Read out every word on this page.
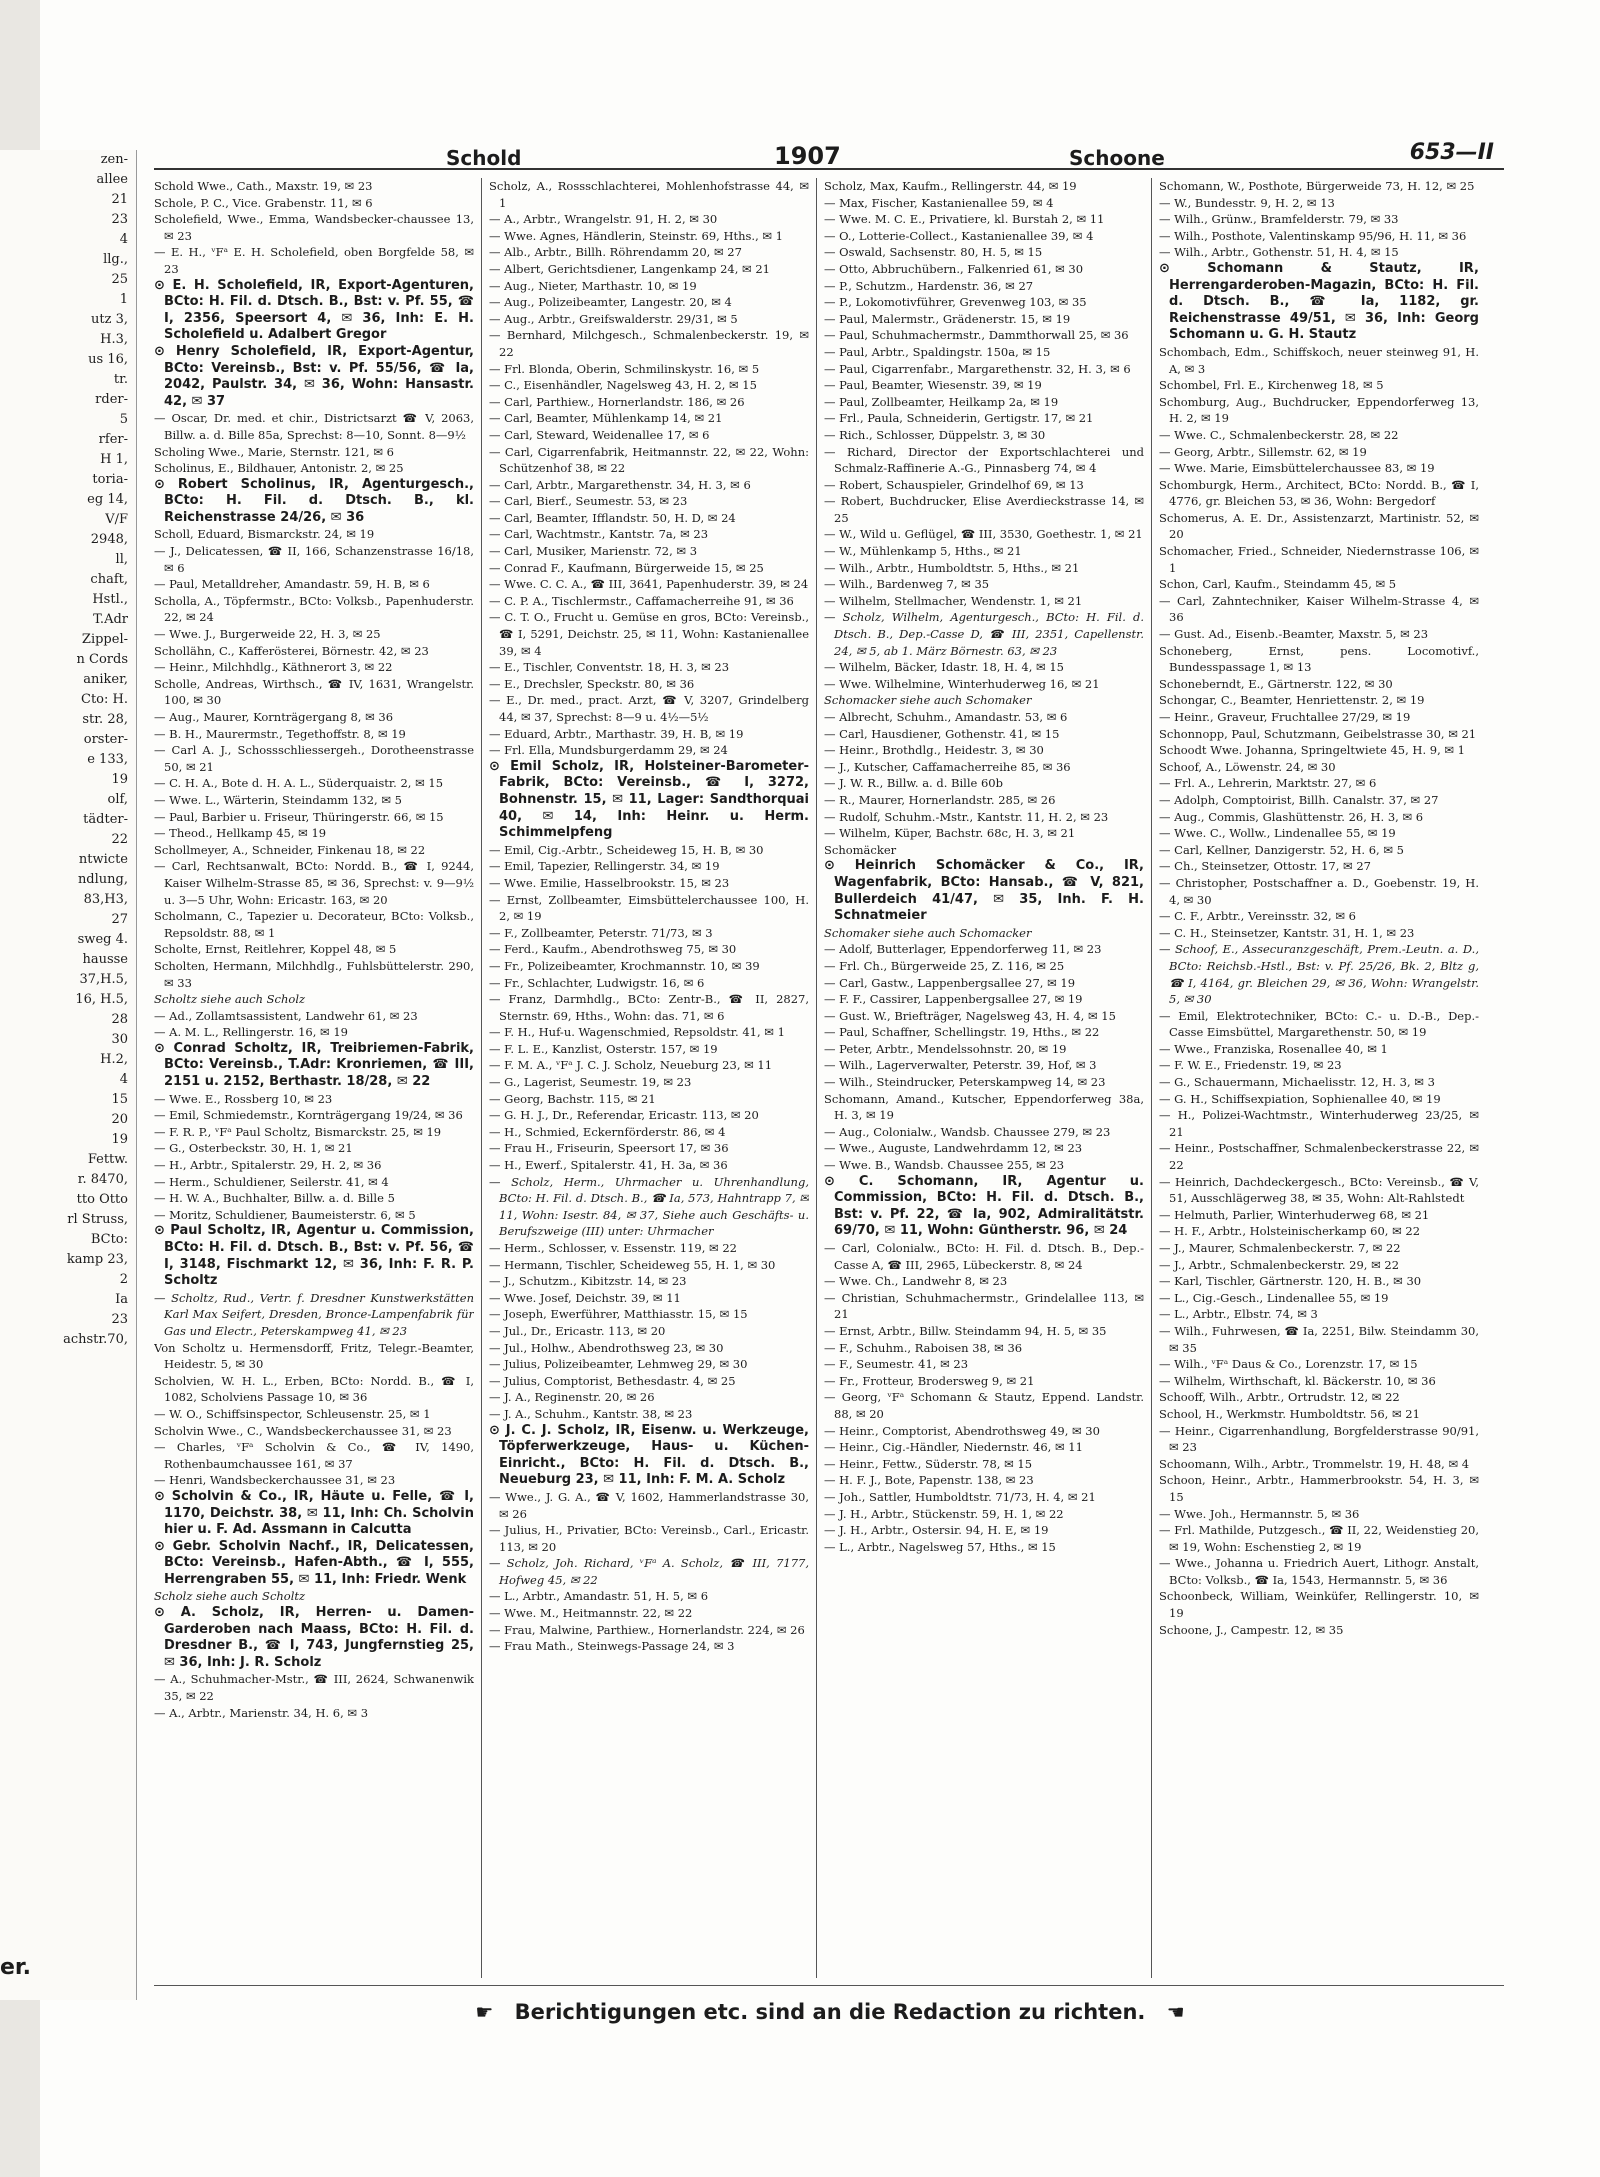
zen-
allee
21
23
4
llg.,
25
1
utz 3,
H.3,
us 16,
tr.
rder-
5
rfer-
H 1,
toria-
eg 14,
V/F
2948,
ll,
chaft,
Hstl.,
T.Adr
Zippel-
n Cords
aniker,
Cto: H.
str. 28,
orster-
e 133,
19
olf,
tädter-
22
ntwicte
ndlung,
83,H3,
27
sweg 4.
hausse
37,H.5,
16, H.5,
28
30
H.2,
4
15
20
19
Fettw.
r. 8470,
tto Otto
rl Struss,
BCto:
kamp 23,
2
Ia
23
achstr.70,
er.
Schold	1907	Schoone	653—II

Schold Wwe., Cath., Maxstr. 19, ✉ 23

Schole, P. C., Vice. Grabenstr. 11, ✉ 6

Scholefield, Wwe., Emma, Wandsbecker-chaussee 13, ✉ 23

— E. H., ᵛFᵃ E. H. Scholefield, oben Borgfelde 58, ✉ 23

⊙ E. H. Scholefield, IR, Export-Agenturen, BCto: H. Fil. d. Dtsch. B., Bst: v. Pf. 55, ☎ I, 2356, Speersort 4, ✉ 36, Inh: E. H. Scholefield u. Adalbert Gregor

⊙ Henry Scholefield, IR, Export-Agentur, BCto: Vereinsb., Bst: v. Pf. 55/56, ☎ Ia, 2042, Paulstr. 34, ✉ 36, Wohn: Hansastr. 42, ✉ 37

— Oscar, Dr. med. et chir., Districtsarzt ☎ V, 2063, Billw. a. d. Bille 85a, Sprechst: 8—10, Sonnt. 8—9½

Scholing Wwe., Marie, Sternstr. 121, ✉ 6

Scholinus, E., Bildhauer, Antonistr. 2, ✉ 25

⊙ Robert Scholinus, IR, Agenturgesch., BCto: H. Fil. d. Dtsch. B., kl. Reichenstrasse 24/26, ✉ 36

Scholl, Eduard, Bismarckstr. 24, ✉ 19

— J., Delicatessen, ☎ II, 166, Schanzenstrasse 16/18, ✉ 6

— Paul, Metalldreher, Amandastr. 59, H. B, ✉ 6

Scholla, A., Töpfermstr., BCto: Volksb., Papenhuderstr. 22, ✉ 24

— Wwe. J., Burgerweide 22, H. 3, ✉ 25

Schollähn, C., Kafferösterei, Börnestr. 42, ✉ 23

— Heinr., Milchhdlg., Käthnerort 3, ✉ 22

Scholle, Andreas, Wirthsch., ☎ IV, 1631, Wrangelstr. 100, ✉ 30

— Aug., Maurer, Kornträgergang 8, ✉ 36

— B. H., Maurermstr., Tegethoffstr. 8, ✉ 19

— Carl A. J., Schossschliessergeh., Dorotheenstrasse 50, ✉ 21

— C. H. A., Bote d. H. A. L., Süderquaistr. 2, ✉ 15

— Wwe. L., Wärterin, Steindamm 132, ✉ 5

— Paul, Barbier u. Friseur, Thüringerstr. 66, ✉ 15

— Theod., Hellkamp 45, ✉ 19

Schollmeyer, A., Schneider, Finkenau 18, ✉ 22

— Carl, Rechtsanwalt, BCto: Nordd. B., ☎ I, 9244, Kaiser Wilhelm-Strasse 85, ✉ 36, Sprechst: v. 9—9½ u. 3—5 Uhr, Wohn: Ericastr. 163, ✉ 20

Scholmann, C., Tapezier u. Decorateur, BCto: Volksb., Repsoldstr. 88, ✉ 1

Scholte, Ernst, Reitlehrer, Koppel 48, ✉ 5

Scholten, Hermann, Milchhdlg., Fuhlsbüttelerstr. 290, ✉ 33

Scholtz siehe auch Scholz

— Ad., Zollamtsassistent, Landwehr 61, ✉ 23

— A. M. L., Rellingerstr. 16, ✉ 19

⊙ Conrad Scholtz, IR, Treibriemen-Fabrik, BCto: Vereinsb., T.Adr: Kronriemen, ☎ III, 2151 u. 2152, Berthastr. 18/28, ✉ 22

— Wwe. E., Rossberg 10, ✉ 23

— Emil, Schmiedemstr., Kornträgergang 19/24, ✉ 36

— F. R. P., ᵛFᵃ Paul Scholtz, Bismarckstr. 25, ✉ 19

— G., Osterbeckstr. 30, H. 1, ✉ 21

— H., Arbtr., Spitalerstr. 29, H. 2, ✉ 36

— Herm., Schuldiener, Seilerstr. 41, ✉ 4

— H. W. A., Buchhalter, Billw. a. d. Bille 5

— Moritz, Schuldiener, Baumeisterstr. 6, ✉ 5

⊙ Paul Scholtz, IR, Agentur u. Commission, BCto: H. Fil. d. Dtsch. B., Bst: v. Pf. 56, ☎ I, 3148, Fischmarkt 12, ✉ 36, Inh: F. R. P. Scholtz

— Scholtz, Rud., Vertr. f. Dresdner Kunstwerkstätten Karl Max Seifert, Dresden, Bronce-Lampenfabrik für Gas und Electr., Peterskampweg 41, ✉ 23

Von Scholtz u. Hermensdorff, Fritz, Telegr.-Beamter, Heidestr. 5, ✉ 30

Scholvien, W. H. L., Erben, BCto: Nordd. B., ☎ I, 1082, Scholviens Passage 10, ✉ 36

— W. O., Schiffsinspector, Schleusenstr. 25, ✉ 1

Scholvin Wwe., C., Wandsbeckerchaussee 31, ✉ 23

— Charles, ᵛFᵃ Scholvin & Co., ☎ IV, 1490, Rothenbaumchaussee 161, ✉ 37

— Henri, Wandsbeckerchaussee 31, ✉ 23

⊙ Scholvin & Co., IR, Häute u. Felle, ☎ I, 1170, Deichstr. 38, ✉ 11, Inh: Ch. Scholvin hier u. F. Ad. Assmann in Calcutta

⊙ Gebr. Scholvin Nachf., IR, Delicatessen, BCto: Vereinsb., Hafen-Abth., ☎ I, 555, Herrengraben 55, ✉ 11, Inh: Friedr. Wenk

Scholz siehe auch Scholtz

⊙ A. Scholz, IR, Herren- u. Damen-Garderoben nach Maass, BCto: H. Fil. d. Dresdner B., ☎ I, 743, Jungfernstieg 25, ✉ 36, Inh: J. R. Scholz

— A., Schuhmacher-Mstr., ☎ III, 2624, Schwanenwik 35, ✉ 22

— A., Arbtr., Marienstr. 34, H. 6, ✉ 3

Scholz, A., Rossschlachterei, Mohlenhofstrasse 44, ✉ 1

— A., Arbtr., Wrangelstr. 91, H. 2, ✉ 30

— Wwe. Agnes, Händlerin, Steinstr. 69, Hths., ✉ 1

— Alb., Arbtr., Billh. Röhrendamm 20, ✉ 27

— Albert, Gerichtsdiener, Langenkamp 24, ✉ 21

— Aug., Nieter, Marthastr. 10, ✉ 19

— Aug., Polizeibeamter, Langestr. 20, ✉ 4

— Aug., Arbtr., Greifswalderstr. 29/31, ✉ 5

— Bernhard, Milchgesch., Schmalenbeckerstr. 19, ✉ 22

— Frl. Blonda, Oberin, Schmilinskystr. 16, ✉ 5

— C., Eisenhändler, Nagelsweg 43, H. 2, ✉ 15

— Carl, Parthiew., Hornerlandstr. 186, ✉ 26

— Carl, Beamter, Mühlenkamp 14, ✉ 21

— Carl, Steward, Weidenallee 17, ✉ 6

— Carl, Cigarrenfabrik, Heitmannstr. 22, ✉ 22, Wohn: Schützenhof 38, ✉ 22

— Carl, Arbtr., Margarethenstr. 34, H. 3, ✉ 6

— Carl, Bierf., Seumestr. 53, ✉ 23

— Carl, Beamter, Ifflandstr. 50, H. D, ✉ 24

— Carl, Wachtmstr., Kantstr. 7a, ✉ 23

— Carl, Musiker, Marienstr. 72, ✉ 3

— Conrad F., Kaufmann, Bürgerweide 15, ✉ 25

— Wwe. C. C. A., ☎ III, 3641, Papenhuderstr. 39, ✉ 24

— C. P. A., Tischlermstr., Caffamacherreihe 91, ✉ 36

— C. T. O., Frucht u. Gemüse en gros, BCto: Vereinsb., ☎ I, 5291, Deichstr. 25, ✉ 11, Wohn: Kastanienallee 39, ✉ 4

— E., Tischler, Conventstr. 18, H. 3, ✉ 23

— E., Drechsler, Speckstr. 80, ✉ 36

— E., Dr. med., pract. Arzt, ☎ V, 3207, Grindelberg 44, ✉ 37, Sprechst: 8—9 u. 4½—5½

— Eduard, Arbtr., Marthastr. 39, H. B, ✉ 19

— Frl. Ella, Mundsburgerdamm 29, ✉ 24

⊙ Emil Scholz, IR, Holsteiner-Barometer-Fabrik, BCto: Vereinsb., ☎ I, 3272, Bohnenstr. 15, ✉ 11, Lager: Sandthorquai 40, ✉ 14, Inh: Heinr. u. Herm. Schimmelpfeng

— Emil, Cig.-Arbtr., Scheideweg 15, H. B, ✉ 30

— Emil, Tapezier, Rellingerstr. 34, ✉ 19

— Wwe. Emilie, Hasselbrookstr. 15, ✉ 23

— Ernst, Zollbeamter, Eimsbüttelerchaussee 100, H. 2, ✉ 19

— F., Zollbeamter, Peterstr. 71/73, ✉ 3

— Ferd., Kaufm., Abendrothsweg 75, ✉ 30

— Fr., Polizeibeamter, Krochmannstr. 10, ✉ 39

— Fr., Schlachter, Ludwigstr. 16, ✉ 6

— Franz, Darmhdlg., BCto: Zentr-B., ☎ II, 2827, Sternstr. 69, Hths., Wohn: das. 71, ✉ 6

— F. H., Huf-u. Wagenschmied, Repsoldstr. 41, ✉ 1

— F. L. E., Kanzlist, Osterstr. 157, ✉ 19

— F. M. A., ᵛFᵃ J. C. J. Scholz, Neueburg 23, ✉ 11

— G., Lagerist, Seumestr. 19, ✉ 23

— Georg, Bachstr. 115, ✉ 21

— G. H. J., Dr., Referendar, Ericastr. 113, ✉ 20

— H., Schmied, Eckernförderstr. 86, ✉ 4

— Frau H., Friseurin, Speersort 17, ✉ 36

— H., Ewerf., Spitalerstr. 41, H. 3a, ✉ 36

— Scholz, Herm., Uhrmacher u. Uhrenhandlung, BCto: H. Fil. d. Dtsch. B., ☎ Ia, 573, Hahntrapp 7, ✉ 11, Wohn: Isestr. 84, ✉ 37, Siehe auch Geschäfts- u. Berufszweige (III) unter: Uhrmacher

— Herm., Schlosser, v. Essenstr. 119, ✉ 22

— Hermann, Tischler, Scheideweg 55, H. 1, ✉ 30

— J., Schutzm., Kibitzstr. 14, ✉ 23

— Wwe. Josef, Deichstr. 39, ✉ 11

— Joseph, Ewerführer, Matthiasstr. 15, ✉ 15

— Jul., Dr., Ericastr. 113, ✉ 20

— Jul., Holhw., Abendrothsweg 23, ✉ 30

— Julius, Polizeibeamter, Lehmweg 29, ✉ 30

— Julius, Comptorist, Bethesdastr. 4, ✉ 25

— J. A., Reginenstr. 20, ✉ 26

— J. A., Schuhm., Kantstr. 38, ✉ 23

⊙ J. C. J. Scholz, IR, Eisenw. u. Werkzeuge, Töpferwerkzeuge, Haus- u. Küchen-Einricht., BCto: H. Fil. d. Dtsch. B., Neueburg 23, ✉ 11, Inh: F. M. A. Scholz

— Wwe., J. G. A., ☎ V, 1602, Hammerlandstrasse 30, ✉ 26

— Julius, H., Privatier, BCto: Vereinsb., Carl., Ericastr. 113, ✉ 20

— Scholz, Joh. Richard, ᵛFᵃ A. Scholz, ☎ III, 7177, Hofweg 45, ✉ 22

— L., Arbtr., Amandastr. 51, H. 5, ✉ 6

— Wwe. M., Heitmannstr. 22, ✉ 22

— Frau, Malwine, Parthiew., Hornerlandstr. 224, ✉ 26

— Frau Math., Steinwegs-Passage 24, ✉ 3

Scholz, Max, Kaufm., Rellingerstr. 44, ✉ 19

— Max, Fischer, Kastanienallee 59, ✉ 4

— Wwe. M. C. E., Privatiere, kl. Burstah 2, ✉ 11

— O., Lotterie-Collect., Kastanienallee 39, ✉ 4

— Oswald, Sachsenstr. 80, H. 5, ✉ 15

— Otto, Abbruchübern., Falkenried 61, ✉ 30

— P., Schutzm., Hardenstr. 36, ✉ 27

— P., Lokomotivführer, Grevenweg 103, ✉ 35

— Paul, Malermstr., Grädenerstr. 15, ✉ 19

— Paul, Schuhmachermstr., Dammthorwall 25, ✉ 36

— Paul, Arbtr., Spaldingstr. 150a, ✉ 15

— Paul, Cigarrenfabr., Margarethenstr. 32, H. 3, ✉ 6

— Paul, Beamter, Wiesenstr. 39, ✉ 19

— Paul, Zollbeamter, Heilkamp 2a, ✉ 19

— Frl., Paula, Schneiderin, Gertigstr. 17, ✉ 21

— Rich., Schlosser, Düppelstr. 3, ✉ 30

— Richard, Director der Exportschlachterei und Schmalz-Raffinerie A.-G., Pinnasberg 74, ✉ 4

— Robert, Schauspieler, Grindelhof 69, ✉ 13

— Robert, Buchdrucker, Elise Averdieckstrasse 14, ✉ 25

— W., Wild u. Geflügel, ☎ III, 3530, Goethestr. 1, ✉ 21

— W., Mühlenkamp 5, Hths., ✉ 21

— Wilh., Arbtr., Humboldtstr. 5, Hths., ✉ 21

— Wilh., Bardenweg 7, ✉ 35

— Wilhelm, Stellmacher, Wendenstr. 1, ✉ 21

— Scholz, Wilhelm, Agenturgesch., BCto: H. Fil. d. Dtsch. B., Dep.-Casse D, ☎ III, 2351, Capellenstr. 24, ✉ 5, ab 1. März Börnestr. 63, ✉ 23

— Wilhelm, Bäcker, Idastr. 18, H. 4, ✉ 15

— Wwe. Wilhelmine, Winterhuderweg 16, ✉ 21

Schomacker siehe auch Schomaker

— Albrecht, Schuhm., Amandastr. 53, ✉ 6

— Carl, Hausdiener, Gothenstr. 41, ✉ 15

— Heinr., Brothdlg., Heidestr. 3, ✉ 30

— J., Kutscher, Caffamacherreihe 85, ✉ 36

— J. W. R., Billw. a. d. Bille 60b

— R., Maurer, Hornerlandstr. 285, ✉ 26

— Rudolf, Schuhm.-Mstr., Kantstr. 11, H. 2, ✉ 23

— Wilhelm, Küper, Bachstr. 68c, H. 3, ✉ 21

Schomäcker

⊙ Heinrich Schomäcker & Co., IR, Wagenfabrik, BCto: Hansab., ☎ V, 821, Bullerdeich 41/47, ✉ 35, Inh. F. H. Schnatmeier

Schomaker siehe auch Schomacker

— Adolf, Butterlager, Eppendorferweg 11, ✉ 23

— Frl. Ch., Bürgerweide 25, Z. 116, ✉ 25

— Carl, Gastw., Lappenbergsallee 27, ✉ 19

— F. F., Cassirer, Lappenbergsallee 27, ✉ 19

— Gust. W., Briefträger, Nagelsweg 43, H. 4, ✉ 15

— Paul, Schaffner, Schellingstr. 19, Hths., ✉ 22

— Peter, Arbtr., Mendelssohnstr. 20, ✉ 19

— Wilh., Lagerverwalter, Peterstr. 39, Hof, ✉ 3

— Wilh., Steindrucker, Peterskampweg 14, ✉ 23

Schomann, Amand., Kutscher, Eppendorferweg 38a, H. 3, ✉ 19

— Aug., Colonialw., Wandsb. Chaussee 279, ✉ 23

— Wwe., Auguste, Landwehrdamm 12, ✉ 23

— Wwe. B., Wandsb. Chaussee 255, ✉ 23

⊙ C. Schomann, IR, Agentur u. Commission, BCto: H. Fil. d. Dtsch. B., Bst: v. Pf. 22, ☎ Ia, 902, Admiralitätstr. 69/70, ✉ 11, Wohn: Güntherstr. 96, ✉ 24

— Carl, Colonialw., BCto: H. Fil. d. Dtsch. B., Dep.-Casse A, ☎ III, 2965, Lübeckerstr. 8, ✉ 24

— Wwe. Ch., Landwehr 8, ✉ 23

— Christian, Schuhmachermstr., Grindelallee 113, ✉ 21

— Ernst, Arbtr., Billw. Steindamm 94, H. 5, ✉ 35

— F., Schuhm., Raboisen 38, ✉ 36

— F., Seumestr. 41, ✉ 23

— Fr., Frotteur, Brodersweg 9, ✉ 21

— Georg, ᵛFᵃ Schomann & Stautz, Eppend. Landstr. 88, ✉ 20

— Heinr., Comptorist, Abendrothsweg 49, ✉ 30

— Heinr., Cig.-Händler, Niedernstr. 46, ✉ 11

— Heinr., Fettw., Süderstr. 78, ✉ 15

— H. F. J., Bote, Papenstr. 138, ✉ 23

— Joh., Sattler, Humboldtstr. 71/73, H. 4, ✉ 21

— J. H., Arbtr., Stückenstr. 59, H. 1, ✉ 22

— J. H., Arbtr., Ostersir. 94, H. E, ✉ 19

— L., Arbtr., Nagelsweg 57, Hths., ✉ 15

Schomann, W., Posthote, Bürgerweide 73, H. 12, ✉ 25

— W., Bundesstr. 9, H. 2, ✉ 13

— Wilh., Grünw., Bramfelderstr. 79, ✉ 33

— Wilh., Posthote, Valentinskamp 95/96, H. 11, ✉ 36

— Wilh., Arbtr., Gothenstr. 51, H. 4, ✉ 15

⊙ Schomann & Stautz, IR, Herrengarderoben-Magazin, BCto: H. Fil. d. Dtsch. B., ☎ Ia, 1182, gr. Reichenstrasse 49/51, ✉ 36, Inh: Georg Schomann u. G. H. Stautz

Schombach, Edm., Schiffskoch, neuer steinweg 91, H. A, ✉ 3

Schombel, Frl. E., Kirchenweg 18, ✉ 5

Schomburg, Aug., Buchdrucker, Eppendorferweg 13, H. 2, ✉ 19

— Wwe. C., Schmalenbeckerstr. 28, ✉ 22

— Georg, Arbtr., Sillemstr. 62, ✉ 19

— Wwe. Marie, Eimsbüttelerchaussee 83, ✉ 19

Schomburgk, Herm., Architect, BCto: Nordd. B., ☎ I, 4776, gr. Bleichen 53, ✉ 36, Wohn: Bergedorf

Schomerus, A. E. Dr., Assistenzarzt, Martinistr. 52, ✉ 20

Schomacher, Fried., Schneider, Niedernstrasse 106, ✉ 1

Schon, Carl, Kaufm., Steindamm 45, ✉ 5

— Carl, Zahntechniker, Kaiser Wilhelm-Strasse 4, ✉ 36

— Gust. Ad., Eisenb.-Beamter, Maxstr. 5, ✉ 23

Schoneberg, Ernst, pens. Locomotivf., Bundesspassage 1, ✉ 13

Schoneberndt, E., Gärtnerstr. 122, ✉ 30

Schongar, C., Beamter, Henriettenstr. 2, ✉ 19

— Heinr., Graveur, Fruchtallee 27/29, ✉ 19

Schonnopp, Paul, Schutzmann, Geibelstrasse 30, ✉ 21

Schoodt Wwe. Johanna, Springeltwiete 45, H. 9, ✉ 1

Schoof, A., Löwenstr. 24, ✉ 30

— Frl. A., Lehrerin, Marktstr. 27, ✉ 6

— Adolph, Comptoirist, Billh. Canalstr. 37, ✉ 27

— Aug., Commis, Glashüttenstr. 26, H. 3, ✉ 6

— Wwe. C., Wollw., Lindenallee 55, ✉ 19

— Carl, Kellner, Danzigerstr. 52, H. 6, ✉ 5

— Ch., Steinsetzer, Ottostr. 17, ✉ 27

— Christopher, Postschaffner a. D., Goebenstr. 19, H. 4, ✉ 30

— C. F., Arbtr., Vereinsstr. 32, ✉ 6

— C. H., Steinsetzer, Kantstr. 31, H. 1, ✉ 23

— Schoof, E., Assecuranzgeschäft, Prem.-Leutn. a. D., BCto: Reichsb.-Hstl., Bst: v. Pf. 25/26, Bk. 2, Bltz g, ☎ I, 4164, gr. Bleichen 29, ✉ 36, Wohn: Wrangelstr. 5, ✉ 30

— Emil, Elektrotechniker, BCto: C.- u. D.-B., Dep.-Casse Eimsbüttel, Margarethenstr. 50, ✉ 19

— Wwe., Franziska, Rosenallee 40, ✉ 1

— F. W. E., Friedenstr. 19, ✉ 23

— G., Schauermann, Michaelisstr. 12, H. 3, ✉ 3

— G. H., Schiffsexpiation, Sophienallee 40, ✉ 19

— H., Polizei-Wachtmstr., Winterhuderweg 23/25, ✉ 21

— Heinr., Postschaffner, Schmalenbeckerstrasse 22, ✉ 22

— Heinrich, Dachdeckergesch., BCto: Vereinsb., ☎ V, 51, Ausschlägerweg 38, ✉ 35, Wohn: Alt-Rahlstedt

— Helmuth, Parlier, Winterhuderweg 68, ✉ 21

— H. F., Arbtr., Holsteinischerkamp 60, ✉ 22

— J., Maurer, Schmalenbeckerstr. 7, ✉ 22

— J., Arbtr., Schmalenbeckerstr. 29, ✉ 22

— Karl, Tischler, Gärtnerstr. 120, H. B., ✉ 30

— L., Cig.-Gesch., Lindenallee 55, ✉ 19

— L., Arbtr., Elbstr. 74, ✉ 3

— Wilh., Fuhrwesen, ☎ Ia, 2251, Bilw. Steindamm 30, ✉ 35

— Wilh., ᵛFᵃ Daus & Co., Lorenzstr. 17, ✉ 15

— Wilhelm, Wirthschaft, kl. Bäckerstr. 10, ✉ 36

Schooff, Wilh., Arbtr., Ortrudstr. 12, ✉ 22

School, H., Werkmstr. Humboldtstr. 56, ✉ 21

— Heinr., Cigarrenhandlung, Borgfelderstrasse 90/91, ✉ 23

Schoomann, Wilh., Arbtr., Trommelstr. 19, H. 48, ✉ 4

Schoon, Heinr., Arbtr., Hammerbrookstr. 54, H. 3, ✉ 15

— Wwe. Joh., Hermannstr. 5, ✉ 36

— Frl. Mathilde, Putzgesch., ☎ II, 22, Weidenstieg 20, ✉ 19, Wohn: Eschenstieg 2, ✉ 19

— Wwe., Johanna u. Friedrich Auert, Lithogr. Anstalt, BCto: Volksb., ☎ Ia, 1543, Hermannstr. 5, ✉ 36

Schoonbeck, William, Weinküfer, Rellingerstr. 10, ✉ 19

Schoone, J., Campestr. 12, ✉ 35

☛ Berichtigungen etc. sind an die Redaction zu richten. ☚
